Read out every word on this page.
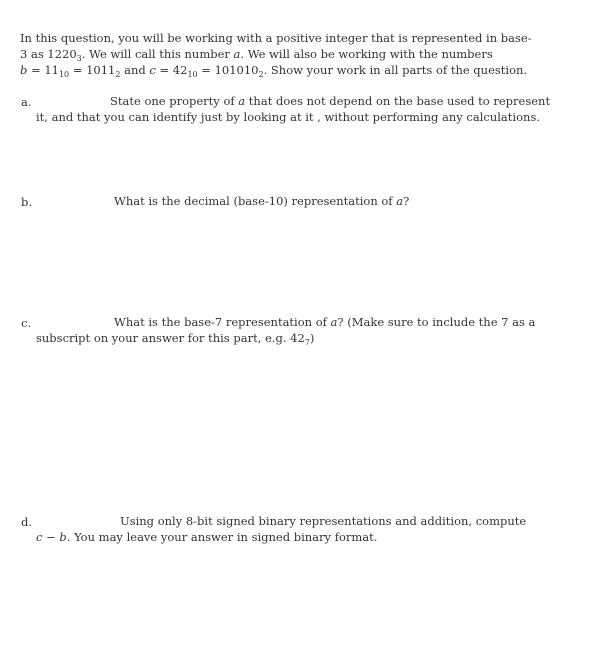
In this question, you will be working with a positive integer that is represented in base-
3 as $1220_3$. We will call this number a. We will also be working with the numbers
$b = 11_{10} = 1011_2$ and $c = 42_{10} = 101010_2$. Show your work in all parts of the question.
a.	State one property of a that does not depend on the base used to represent
it, and that you can identify just by looking at it , without performing any calculations.
b.	What is the decimal (base-10) representation of a?
c.	What is the base-7 representation of a? (Make sure to include the 7 as a
subscript on your answer for this part, e.g. $42_7$)
d.	Using only 8-bit signed binary representations and addition, compute
c − b. You may leave your answer in signed binary format.
